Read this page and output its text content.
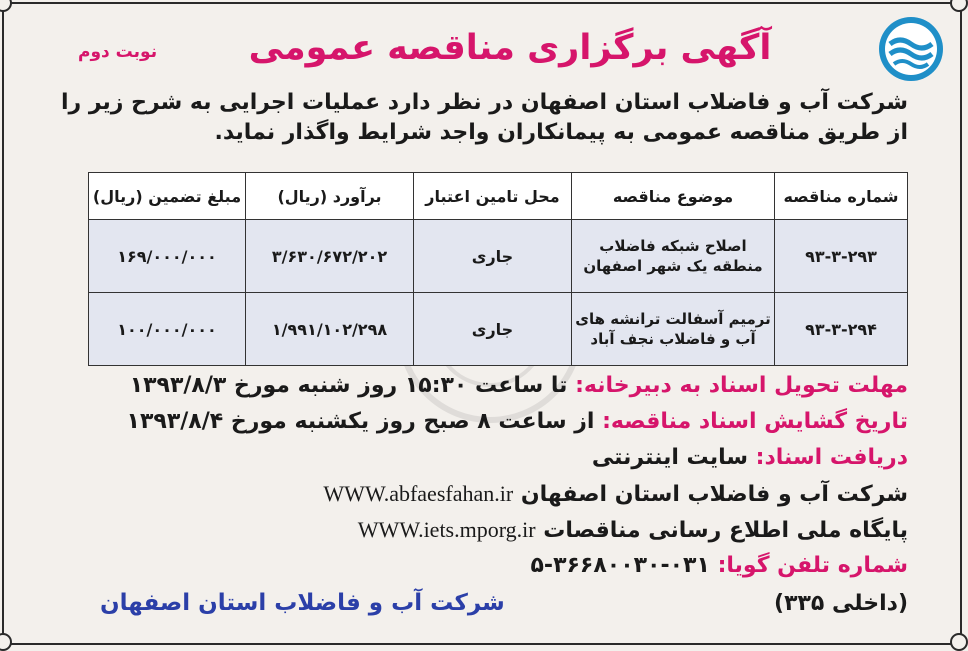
نوبت دوم	آگهی برگزاری مناقصه عمومی
شرکت آب و فاضلاب استان اصفهان در نظر دارد عملیات اجرایی به شرح زیر را از طریق مناقصه عمومی به پیمانکاران واجد شرایط واگذار نماید.
شماره مناقصه	موضوع مناقصه	محل تامین اعتبار	برآورد (ریال)	مبلغ تضمین (ریال)
۹۳-۳-۲۹۳	اصلاح شبکه فاضلاب منطقه یک شهر اصفهان	جاری	۳/۶۳۰/۶۷۲/۲۰۲	۱۶۹/۰۰۰/۰۰۰
۹۳-۳-۲۹۴	ترمیم آسفالت ترانشه های آب و فاضلاب نجف آباد	جاری	۱/۹۹۱/۱۰۲/۲۹۸	۱۰۰/۰۰۰/۰۰۰
مهلت تحویل اسناد به دبیرخانه: تا ساعت ۱۵:۳۰ روز شنبه مورخ ۱۳۹۳/۸/۳
تاریخ گشایش اسناد مناقصه: از ساعت ۸ صبح روز یکشنبه مورخ ۱۳۹۳/۸/۴
دریافت اسناد: سایت اینترنتی
شرکت آب و فاضلاب استان اصفهان WWW.abfaesfahan.ir
پایگاه ملی اطلاع رسانی مناقصات WWW.iets.mporg.ir
شماره تلفن گویا: ۰۳۱-۳۶۶۸۰۰۳۰-۵
(داخلی ۳۳۵)
شرکت آب و فاضلاب استان اصفهان
